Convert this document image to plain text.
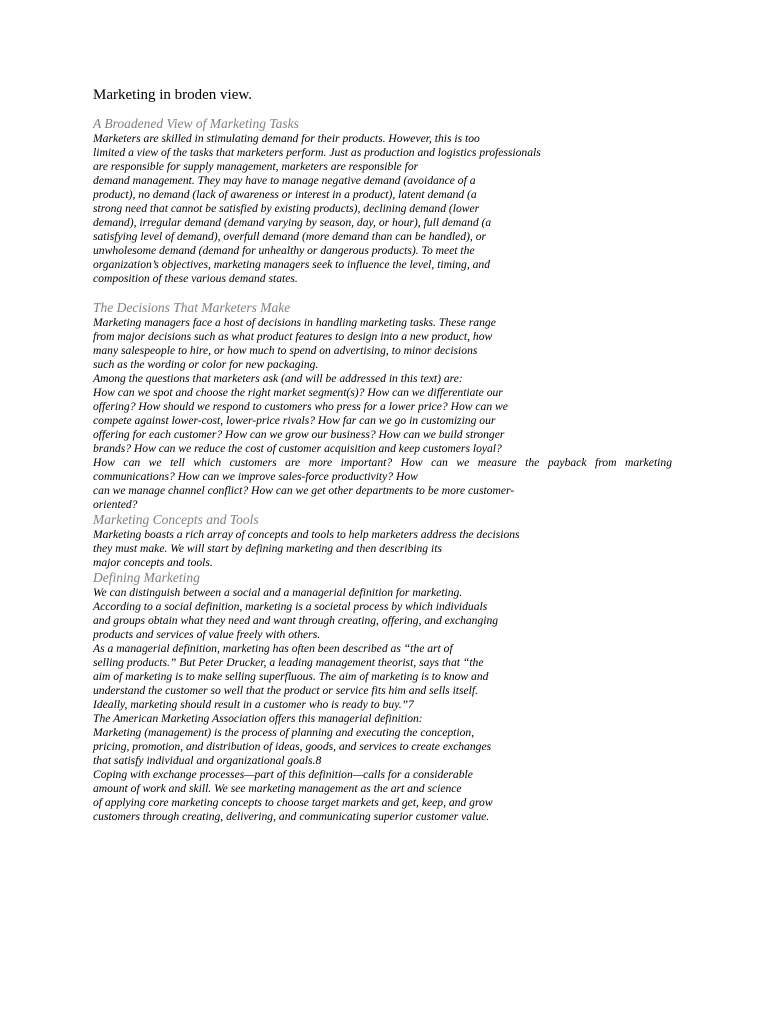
Marketing in broden view.

A Broadened View of Marketing Tasks

Marketers are skilled in stimulating demand for their products. However, this is too

limited a view of the tasks that marketers perform. Just as production and logistics professionals

are responsible for supply management, marketers are responsible for

demand management. They may have to manage negative demand (avoidance of a

product), no demand (lack of awareness or interest in a product), latent demand (a

strong need that cannot be satisfied by existing products), declining demand (lower

demand), irregular demand (demand varying by season, day, or hour), full demand (a

satisfying level of demand), overfull demand (more demand than can be handled), or

unwholesome demand (demand for unhealthy or dangerous products). To meet the

organization’s objectives, marketing managers seek to influence the level, timing, and

composition of these various demand states.

The Decisions That Marketers Make

Marketing managers face a host of decisions in handling marketing tasks. These range

from major decisions such as what product features to design into a new product, how

many salespeople to hire, or how much to spend on advertising, to minor decisions

such as the wording or color for new packaging.

Among the questions that marketers ask (and will be addressed in this text) are:

How can we spot and choose the right market segment(s)? How can we differentiate our

offering? How should we respond to customers who press for a lower price? How can we

compete against lower-cost, lower-price rivals? How far can we go in customizing our

offering for each customer? How can we grow our business? How can we build stronger

brands? How can we reduce the cost of customer acquisition and keep customers loyal?

How can we tell which customers are more important? How can we measure the payback from marketing

communications? How can we improve sales-force productivity? How

can we manage channel conflict? How can we get other departments to be more customer-

oriented?

Marketing Concepts and Tools

Marketing boasts a rich array of concepts and tools to help marketers address the decisions

they must make. We will start by defining marketing and then describing its

major concepts and tools.

Defining Marketing

We can distinguish between a social and a managerial definition for marketing.

According to a social definition, marketing is a societal process by which individuals

and groups obtain what they need and want through creating, offering, and exchanging

products and services of value freely with others.

As a managerial definition, marketing has often been described as “the art of

selling products.” But Peter Drucker, a leading management theorist, says that “the

aim of marketing is to make selling superfluous. The aim of marketing is to know and

understand the customer so well that the product or service fits him and sells itself.

Ideally, marketing should result in a customer who is ready to buy.”7

The American Marketing Association offers this managerial definition:

Marketing (management) is the process of planning and executing the conception,

pricing, promotion, and distribution of ideas, goods, and services to create exchanges

that satisfy individual and organizational goals.8

Coping with exchange processes—part of this definition—calls for a considerable

amount of work and skill. We see marketing management as the art and science

of applying core marketing concepts to choose target markets and get, keep, and grow

customers through creating, delivering, and communicating superior customer value.
